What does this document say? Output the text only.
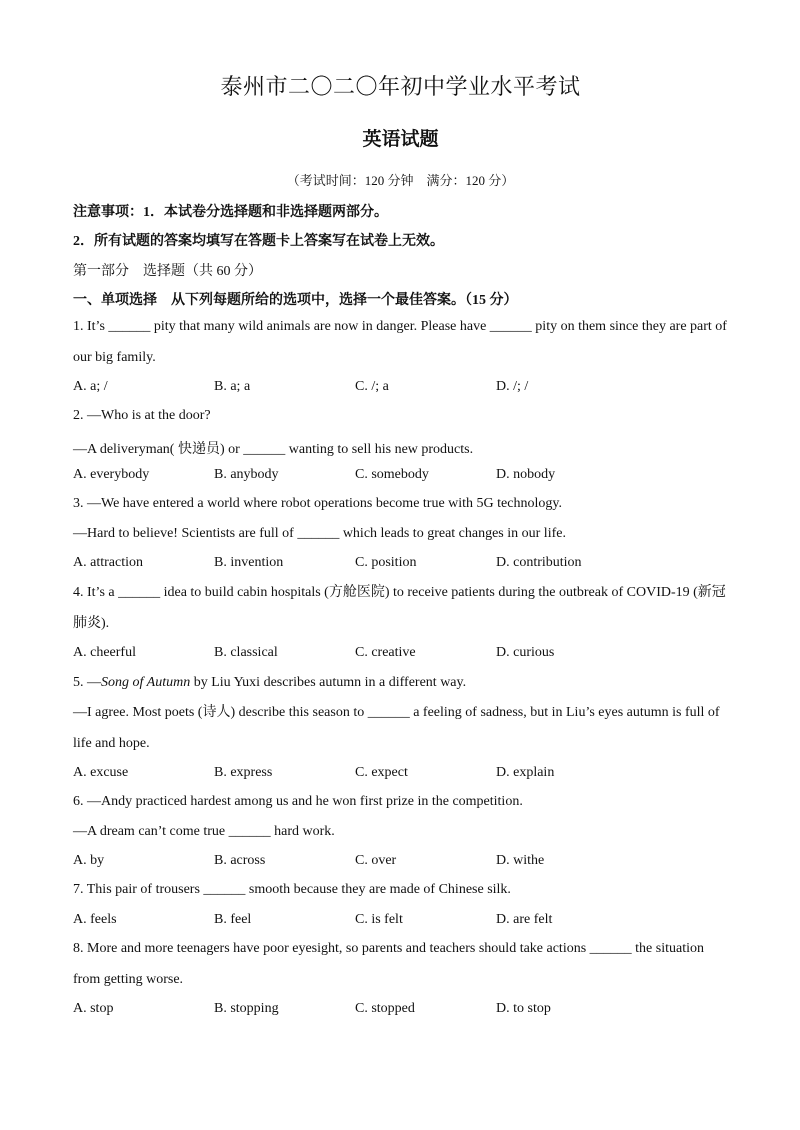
泰州市二〇二〇年初中学业水平考试
英语试题
（考试时间：120 分钟　满分：120 分）
注意事项：1．本试卷分选择题和非选择题两部分。
2．所有试题的答案均填写在答题卡上答案写在试卷上无效。
第一部分　选择题（共 60 分）
一、单项选择　从下列每题所给的选项中，选择一个最佳答案。（15 分）
1. It’s ______ pity that many wild animals are now in danger. Please have ______ pity on them since they are part of our big family.
A. a; /	B. a; a	C. /; a	D. /; /
2. —Who is at the door?
—A deliveryman( 快递员) or ______ wanting to sell his new products.
A. everybody	B. anybody	C. somebody	D. nobody
3. —We have entered a world where robot operations become true with 5G technology.
—Hard to believe! Scientists are full of ______ which leads to great changes in our life.
A. attraction	B. invention	C. position	D. contribution
4. It’s a ______ idea to build cabin hospitals (方舱医院) to receive patients during the outbreak of COVID-19 (新冠肺炎).
A. cheerful	B. classical	C. creative	D. curious
5. —Song of Autumn by Liu Yuxi describes autumn in a different way.
—I agree. Most poets (诗人) describe this season to ______ a feeling of sadness, but in Liu’s eyes autumn is full of life and hope.
A. excuse	B. express	C. expect	D. explain
6. —Andy practiced hardest among us and he won first prize in the competition.
—A dream can’t come true ______ hard work.
A. by	B. across	C. over	D. withe
7. This pair of trousers ______ smooth because they are made of Chinese silk.
A. feels	B. feel	C. is felt	D. are felt
8. More and more teenagers have poor eyesight, so parents and teachers should take actions ______ the situation from getting worse.
A. stop	B. stopping	C. stopped	D. to stop
